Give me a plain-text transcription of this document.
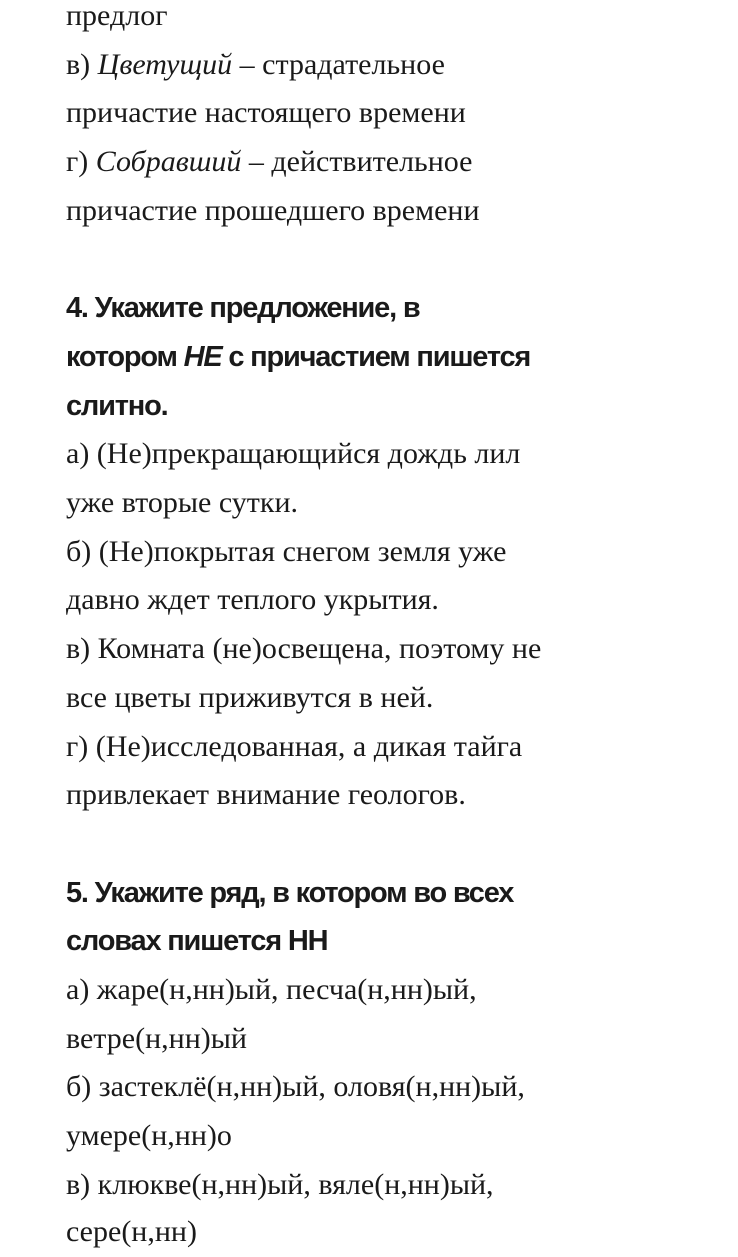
предлог
в) Цветущий – страдательное
причастие настоящего времени
г) Собравший – действительное
причастие прошедшего времени
4. Укажите предложение, в
котором НЕ с причастием пишется
слитно.
а) (Не)прекращающийся дождь лил
уже вторые сутки.
б) (Не)покрытая снегом земля уже
давно ждет теплого укрытия.
в) Комната (не)освещена, поэтому не
все цветы приживутся в ней.
г) (Не)исследованная, а дикая тайга
привлекает внимание геологов.
5. Укажите ряд, в котором во всех
словах пишется НН
а) жаре(н,нн)ый, песча(н,нн)ый,
ветре(н,нн)ый
б) застеклё(н,нн)ый, оловя(н,нн)ый,
умере(н,нн)о
в) клюкве(н,нн)ый, вяле(н,нн)ый,
сере(н,нн)
